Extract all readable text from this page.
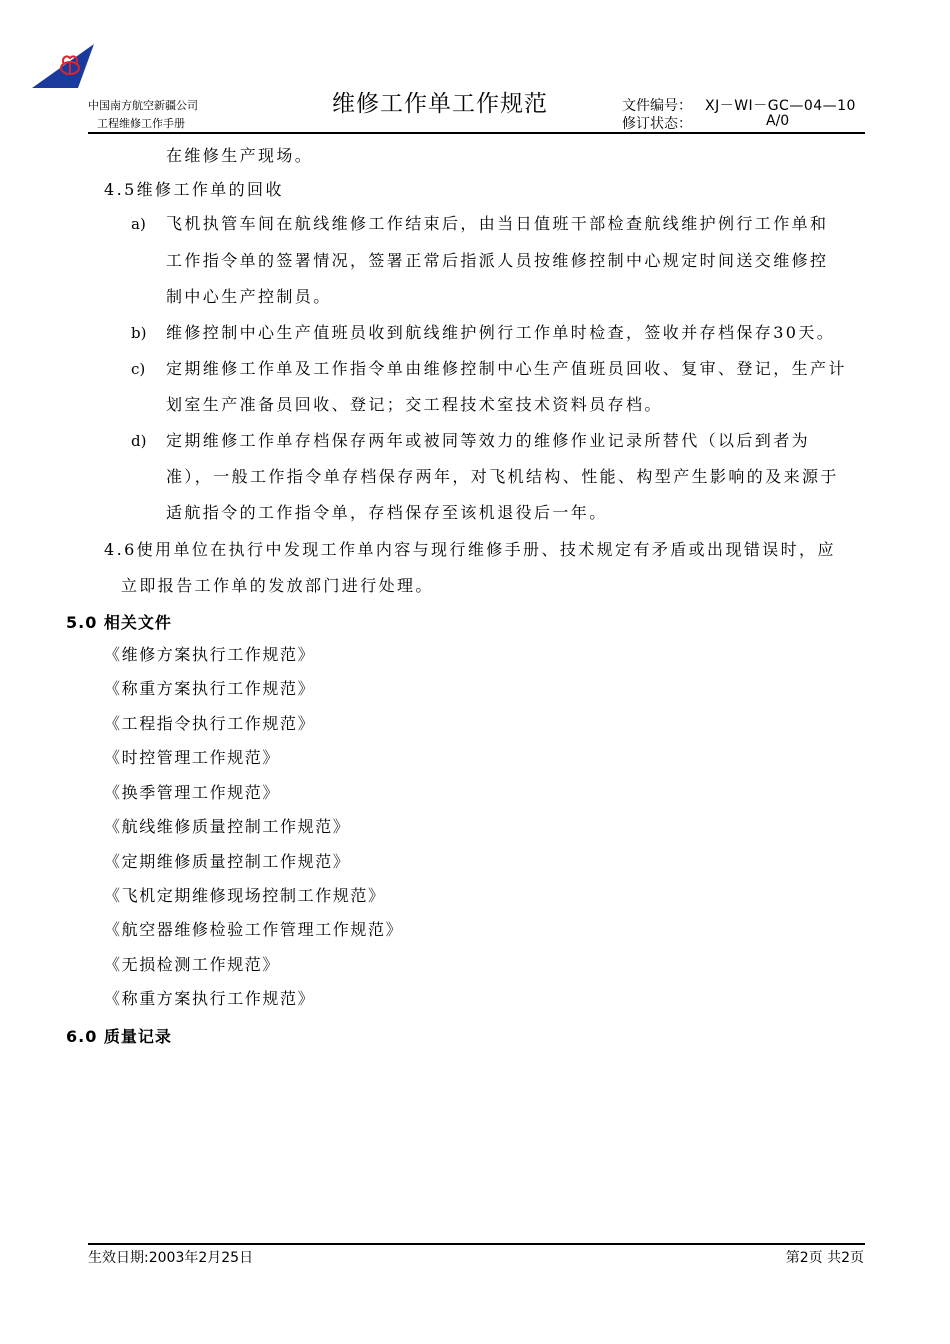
中国南方航空新疆公司
工程维修工作手册
维修工作单工作规范	文件编号： XJ－WI－GC—04—10
修订状态：	A/0
在维修生产现场。
4.5维修工作单的回收
a) 飞机执管车间在航线维修工作结束后，由当日值班干部检查航线维护例行工作单和
工作指令单的签署情况，签署正常后指派人员按维修控制中心规定时间送交维修控
制中心生产控制员。
b) 维修控制中心生产值班员收到航线维护例行工作单时检查，签收并存档保存30天。
c) 定期维修工作单及工作指令单由维修控制中心生产值班员回收、复审、登记，生产计
划室生产准备员回收、登记；交工程技术室技术资料员存档。
d) 定期维修工作单存档保存两年或被同等效力的维修作业记录所替代（以后到者为
准），一般工作指令单存档保存两年，对飞机结构、性能、构型产生影响的及来源于
适航指令的工作指令单，存档保存至该机退役后一年。
4.6使用单位在执行中发现工作单内容与现行维修手册、技术规定有矛盾或出现错误时，应
立即报告工作单的发放部门进行处理。
5.0 相关文件
《维修方案执行工作规范》
《称重方案执行工作规范》
《工程指令执行工作规范》
《时控管理工作规范》
《换季管理工作规范》
《航线维修质量控制工作规范》
《定期维修质量控制工作规范》
《飞机定期维修现场控制工作规范》
《航空器维修检验工作管理工作规范》
《无损检测工作规范》
《称重方案执行工作规范》
6.0 质量记录
生效日期:2003年2月25日	第2页 共2页
